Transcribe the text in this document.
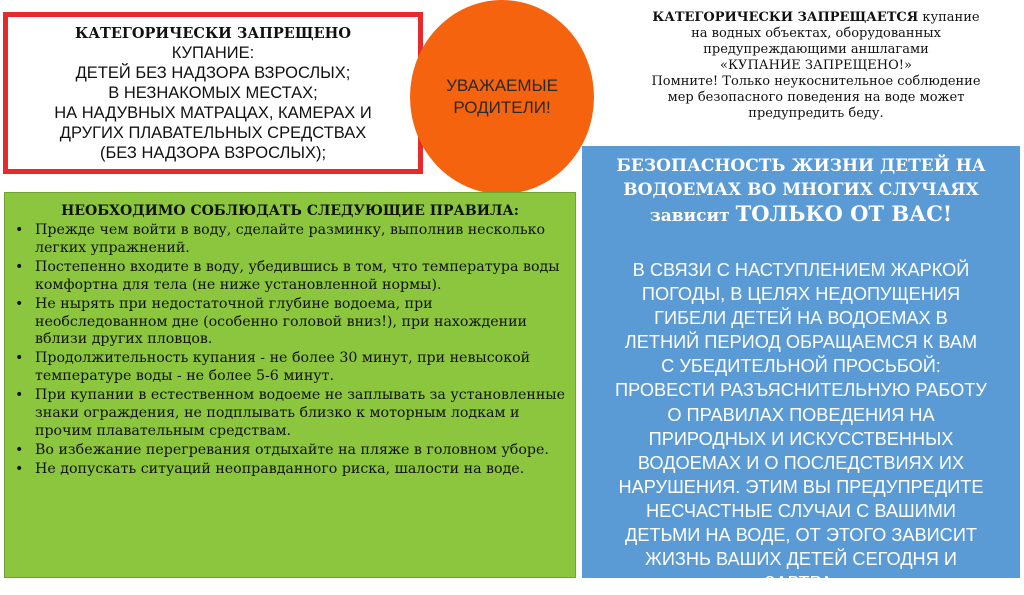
КАТЕГОРИЧЕСКИ ЗАПРЕЩЕНО
КУПАНИЕ:
ДЕТЕЙ БЕЗ НАДЗОРА ВЗРОСЛЫХ;
В НЕЗНАКОМЫХ МЕСТАХ;
НА НАДУВНЫХ МАТРАЦАХ, КАМЕРАХ И
ДРУГИХ ПЛАВАТЕЛЬНЫХ СРЕДСТВАХ
(БЕЗ НАДЗОРА ВЗРОСЛЫХ);
УВАЖАЕМЫЕ
РОДИТЕЛИ!
КАТЕГОРИЧЕСКИ ЗАПРЕЩАЕТСЯ купание
на водных объектах, оборудованных
предупреждающими аншлагами
«КУПАНИЕ ЗАПРЕЩЕНО!»
Помните! Только неукоснительное соблюдение
мер безопасного поведения на воде может
предупредить беду.
НЕОБХОДИМО СОБЛЮДАТЬ СЛЕДУЮЩИЕ ПРАВИЛА:
• Прежде чем войти в воду, сделайте разминку, выполнив несколько легких упражнений.
• Постепенно входите в воду, убедившись в том, что температура воды комфортна для тела (не ниже установленной нормы).
• Не нырять при недостаточной глубине водоема, при необследованном дне (особенно головой вниз!), при нахождении вблизи других пловцов.
• Продолжительность купания - не более 30 минут, при невысокой температуре воды - не более 5-6 минут.
• При купании в естественном водоеме не заплывать за установленные знаки ограждения, не подплывать близко к моторным лодкам и прочим плавательным средствам.
• Во избежание перегревания отдыхайте на пляже в головном уборе.
• Не допускать ситуаций неоправданного риска, шалости на воде.
БЕЗОПАСНОСТЬ ЖИЗНИ ДЕТЕЙ НА
ВОДОЕМАХ ВО МНОГИХ СЛУЧАЯХ
зависит ТОЛЬКО ОТ ВАС!
В СВЯЗИ С НАСТУПЛЕНИЕМ ЖАРКОЙ
ПОГОДЫ, В ЦЕЛЯХ НЕДОПУЩЕНИЯ
ГИБЕЛИ ДЕТЕЙ НА ВОДОЕМАХ В
ЛЕТНИЙ ПЕРИОД ОБРАЩАЕМСЯ К ВАМ
С УБЕДИТЕЛЬНОЙ ПРОСЬБОЙ:
ПРОВЕСТИ РАЗЪЯСНИТЕЛЬНУЮ РАБОТУ
О ПРАВИЛАХ ПОВЕДЕНИЯ НА
ПРИРОДНЫХ И ИСКУССТВЕННЫХ
ВОДОЕМАХ И О ПОСЛЕДСТВИЯХ ИХ
НАРУШЕНИЯ. ЭТИМ ВЫ ПРЕДУПРЕДИТЕ
НЕСЧАСТНЫЕ СЛУЧАИ С ВАШИМИ
ДЕТЬМИ НА ВОДЕ, ОТ ЭТОГО ЗАВИСИТ
ЖИЗНЬ ВАШИХ ДЕТЕЙ СЕГОДНЯ И
ЗАВТРА.
